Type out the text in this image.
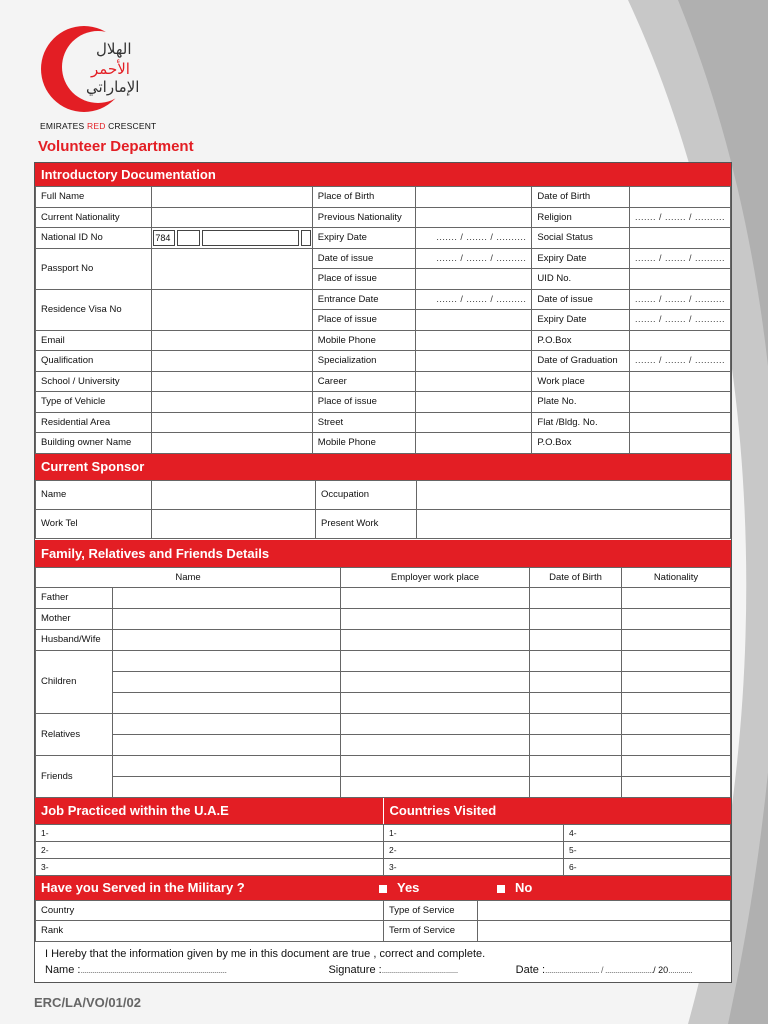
الهلال
الأحمر
الإماراتي
EMIRATES RED CRESCENT
Volunteer Department
Introductory Documentation
Full Name		Place of Birth		Date of Birth	
Current Nationality		Previous Nationality		Religion	....... / ....... / ..........
National ID No	784	Expiry Date	....... / ....... / ..........	Social Status	
Passport No		Date of issue	....... / ....... / ..........	Expiry Date	....... / ....... / ..........
		Place of issue		UID No.	
Residence Visa No		Entrance Date	....... / ....... / ..........	Date of issue	....... / ....... / ..........
		Place of issue		Expiry Date	....... / ....... / ..........
Email		Mobile Phone		P.O.Box	
Qualification		Specialization		Date of Graduation	....... / ....... / ..........
School / University		Career		Work place	
Type of Vehicle		Place of issue		Plate No.	
Residential Area		Street		Flat /Bldg. No.	
Building owner Name		Mobile Phone		P.O.Box	
Current Sponsor
Name		Occupation	
Work Tel		Present Work	
Family, Relatives and Friends Details
Name		Employer work place	Date of Birth	Nationality
Father				
Mother				
Husband/Wife				
Children				

Relatives				

Friends				

Job Practiced within the U.A.E	Countries Visited
1-	1-	4-
2-	2-	5-
3-	3-	6-
Have you Served in the Military ?	Yes	No
Country	Type of Service	
Rank	Term of Service	
I Hereby that the information given by me in this document are true , correct and complete.
Name : .........................................................................	Signature : ......................................	Date : ........................... / ........................ / 20 ............
ERC/LA/VO/01/02
